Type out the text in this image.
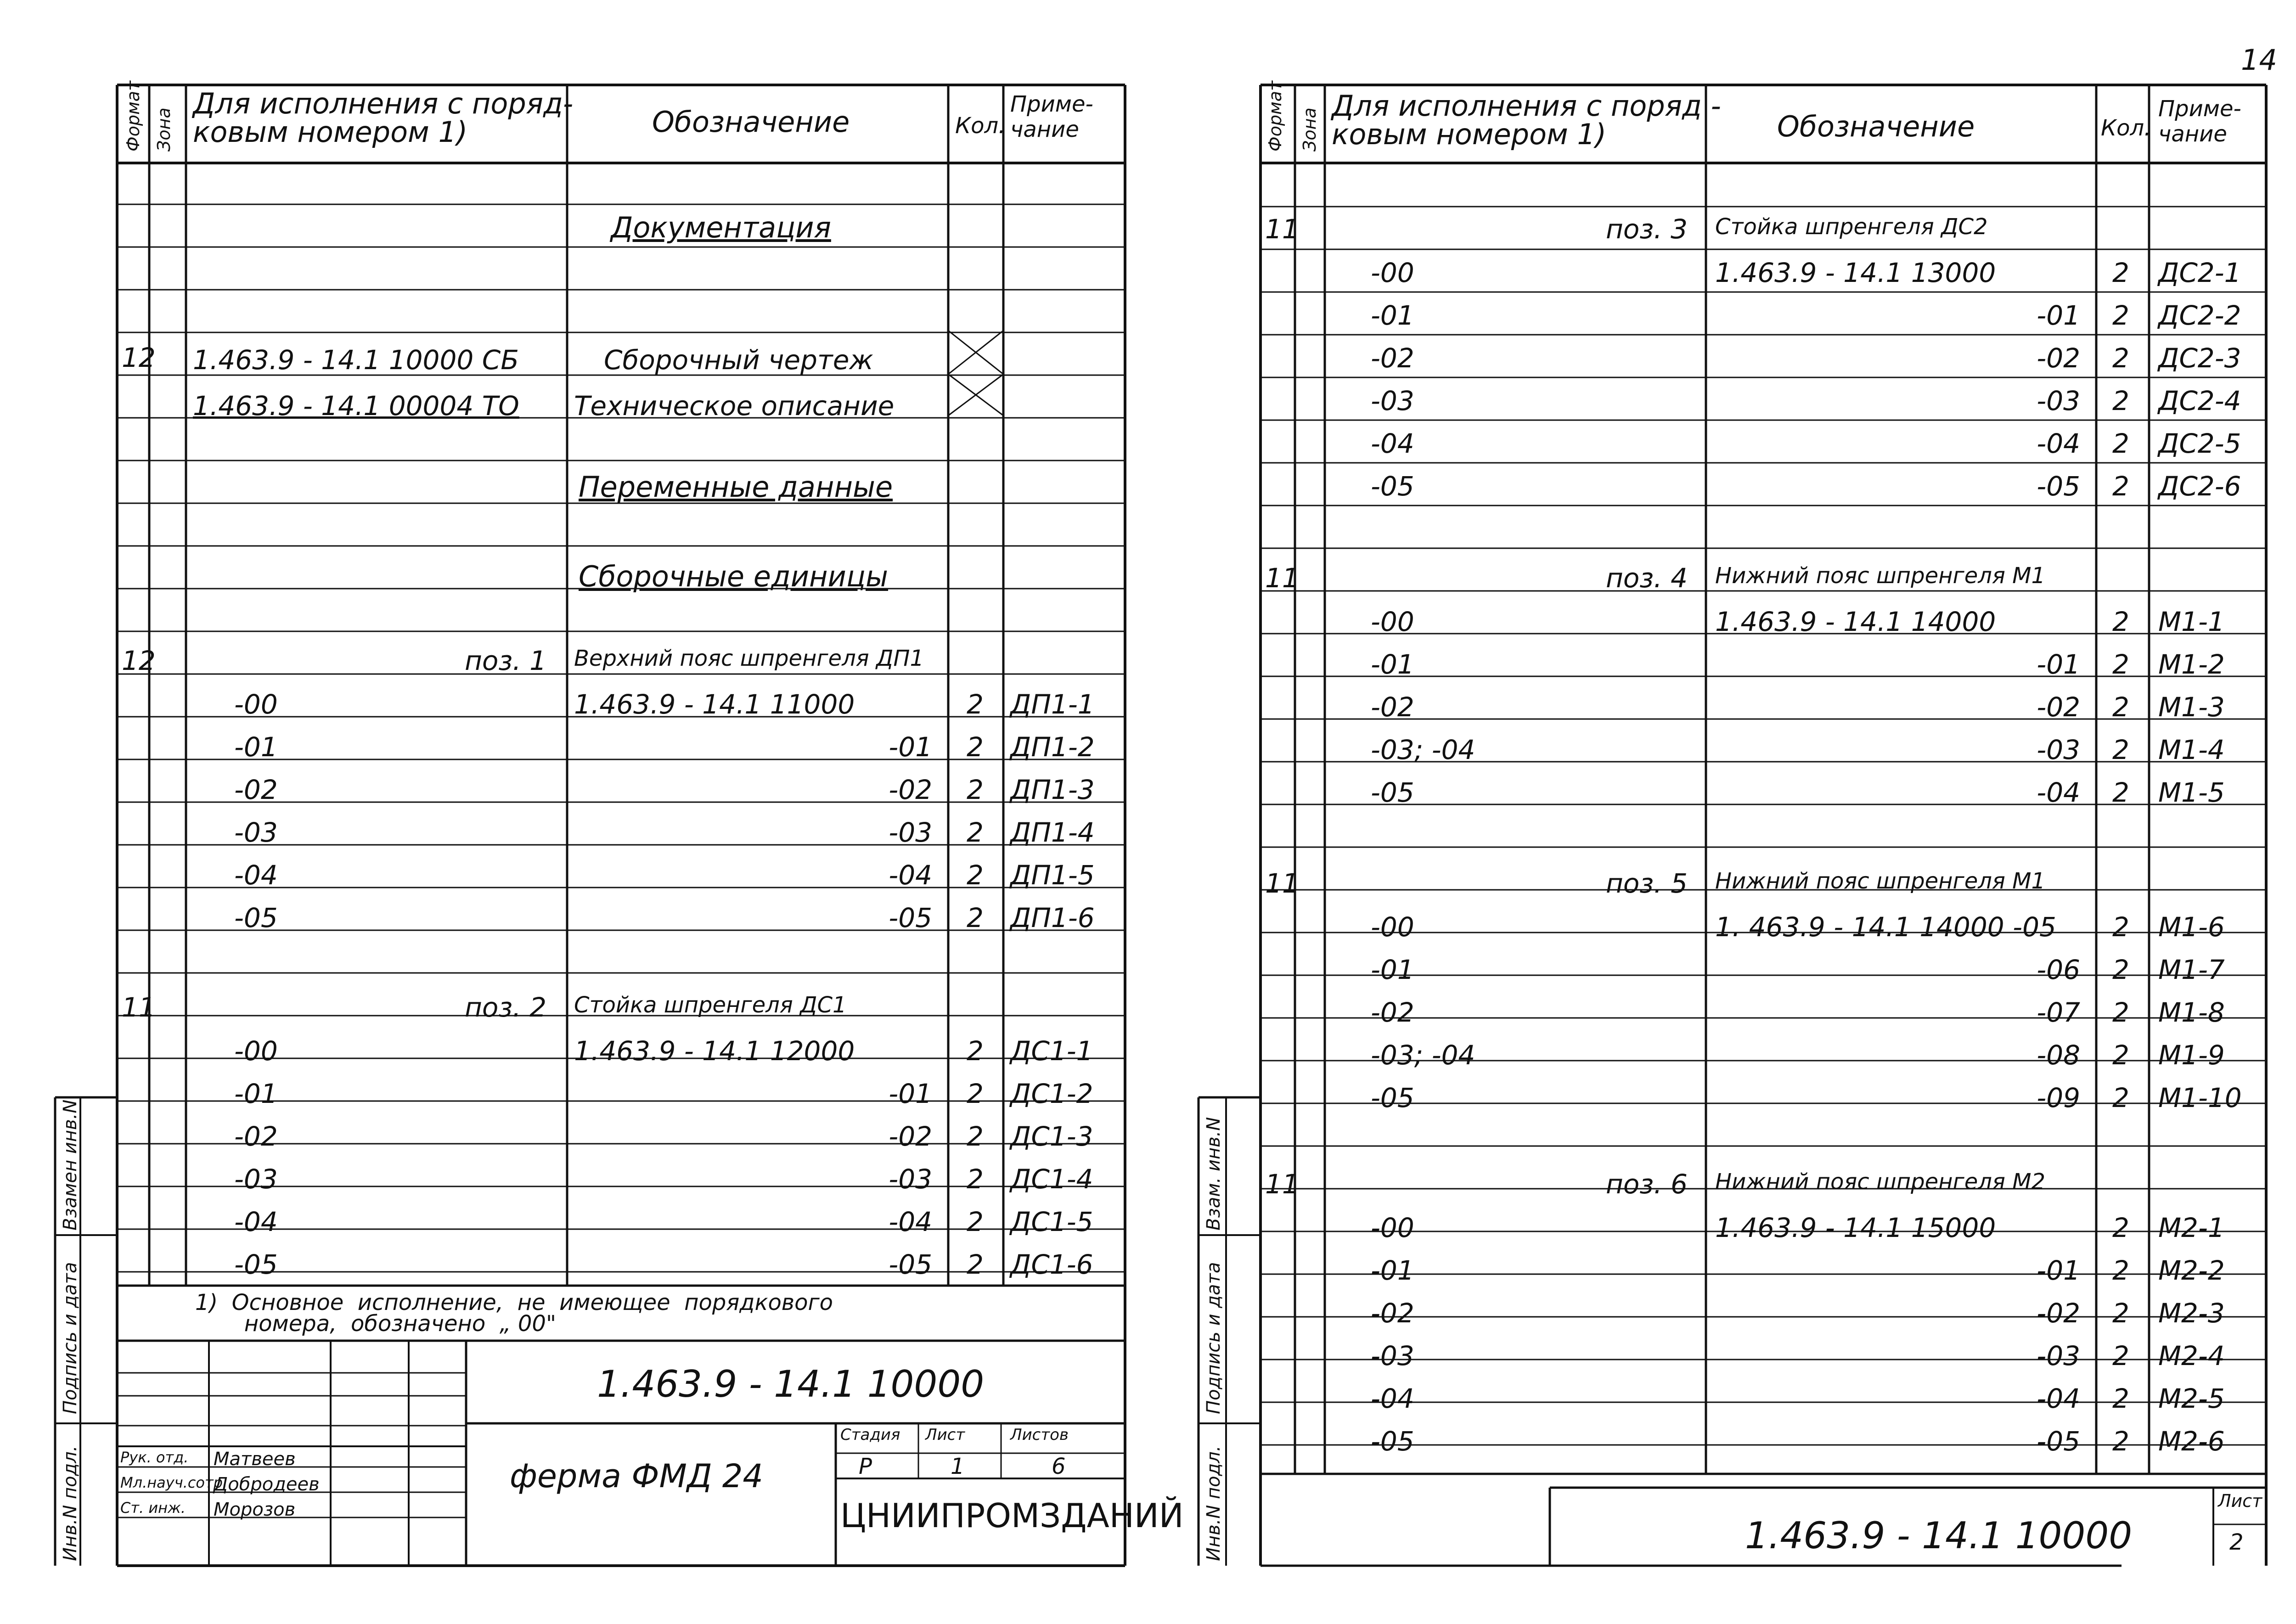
14
Формат Зона
Для исполнения с поряд-
ковым номером 1)	Обозначение	Кол.
Приме-
чание
Документация
12 1.463.9 - 14.1 10000 СБ	Сборочный чертеж
1.463.9 - 14.1 00004 ТО Техническое описание
Переменные данные
Сборочные единицы
12	поз. 1 Верхний пояс шпренгеля ДП1
-00	1.463.9 - 14.1 11000	2 ДП1-1
-01	-01 2 ДП1-2
-02	-02 2 ДП1-3
-03	-03 2 ДП1-4
-04	-04 2 ДП1-5
-05	-05 2 ДП1-6
11	поз. 2 Стойка шпренгеля ДС1
-00	1.463.9 - 14.1 12000	2 ДС1-1
-01	-01 2 ДС1-2
-02	-02 2 ДС1-3
-03	-03 2 ДС1-4
-04	-04 2 ДС1-5
-05	-05 2 ДС1-6
1)  Основное  исполнение,  не  имеющее  порядкового
номера,  обозначено  „ 00"
1.463.9 - 14.1 10000
ферма ФМД 24
Стадия Лист	Листов
Р	1	6
ЦНИИПРОМЗДАНИЙ
Рук. отд. Матвеев
Мл.науч.сотр.
Добродеев
Ст. инж. Морозов
Инв.N подл.
Подпись и дата
Взамен инв.N
1.463.9 - 14.1 10000
Лист
2
Формат Зона
Для исполнения с поряд -
ковым номером 1)	Обозначение	Кол.
Приме-
чание
11	поз. 3 Стойка шпренгеля ДС2
-00	1.463.9 - 14.1 13000	2 ДС2-1
-01	-01 2 ДС2-2
-02	-02 2 ДС2-3
-03	-03 2 ДС2-4
-04	-04 2 ДС2-5
-05	-05 2 ДС2-6
11	поз. 4 Нижний пояс шпренгеля М1
-00	1.463.9 - 14.1 14000	2 М1-1
-01	-01 2 М1-2
-02	-02 2 М1-3
-03; -04	-03 2 М1-4
-05	-04 2 М1-5
11	поз. 5 Нижний пояс шпренгеля М1
-00	1. 463.9 - 14.1 14000 -05 2 М1-6
-01	-06 2 М1-7
-02	-07 2 М1-8
-03; -04	-08 2 М1-9
-05	-09 2 М1-10
11	поз. 6 Нижний пояс шпренгеля М2
-00	1.463.9 - 14.1 15000	2 М2-1
-01	-01 2 М2-2
-02	-02 2 М2-3
-03	-03 2 М2-4
-04	-04 2 М2-5
-05	-05 2 М2-6
Инв.N подл.
Подпись и дата
Взам. инв.N
